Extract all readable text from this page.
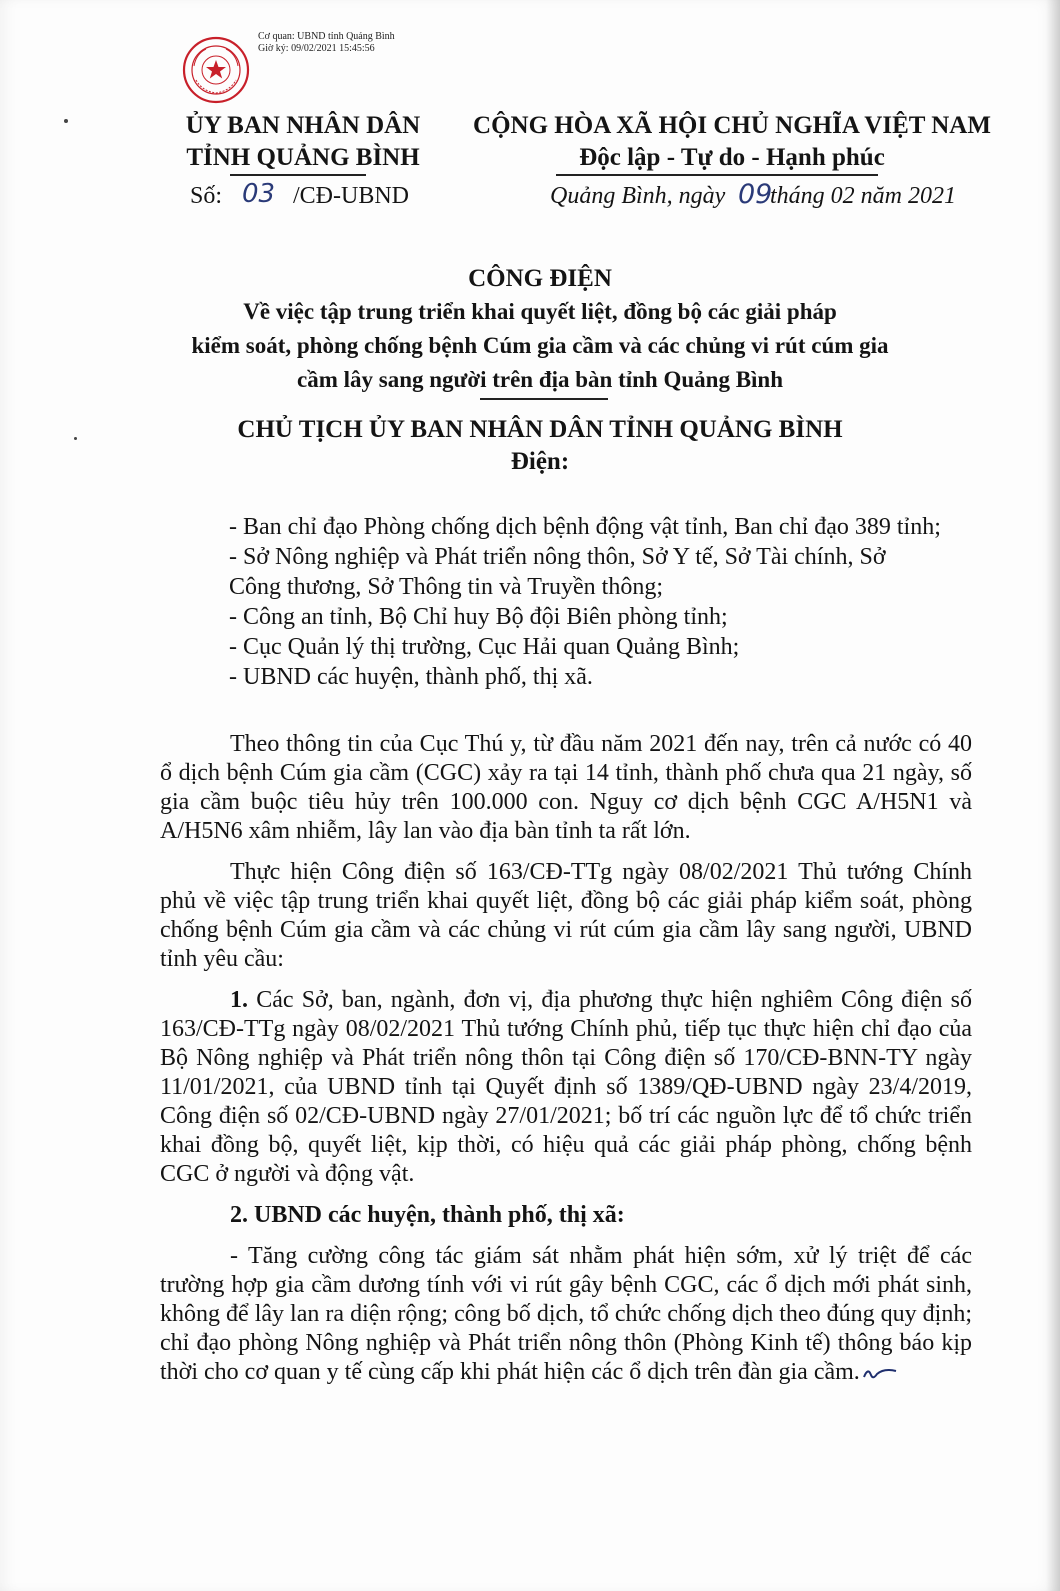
Cơ quan: UBND tỉnh Quảng Bình
Giờ ký: 09/02/2021 15:45:56
ỦY BAN NHÂN DÂN
TỈNH QUẢNG BÌNH
CỘNG HÒA XÃ HỘI CHỦ NGHĨA VIỆT NAM
Độc lập - Tự do - Hạnh phúc
Số: 03 /CĐ-UBND	Quảng Bình, ngày 09
tháng 02 năm 2021
CÔNG ĐIỆN
Về việc tập trung triển khai quyết liệt, đồng bộ các giải pháp
kiểm soát, phòng chống bệnh Cúm gia cầm và các chủng vi rút cúm gia
cầm lây sang người trên địa bàn tỉnh Quảng Bình
CHỦ TỊCH ỦY BAN NHÂN DÂN TỈNH QUẢNG BÌNH
Điện:
- Ban chỉ đạo Phòng chống dịch bệnh động vật tỉnh, Ban chỉ đạo 389 tỉnh;
- Sở Nông nghiệp và Phát triển nông thôn, Sở Y tế, Sở Tài chính, Sở
Công thương, Sở Thông tin và Truyền thông;
- Công an tỉnh, Bộ Chỉ huy Bộ đội Biên phòng tỉnh;
- Cục Quản lý thị trường, Cục Hải quan Quảng Bình;
- UBND các huyện, thành phố, thị xã.

Theo thông tin của Cục Thú y, từ đầu năm 2021 đến nay, trên cả nước có 40 ổ dịch bệnh Cúm gia cầm (CGC) xảy ra tại 14 tỉnh, thành phố chưa qua 21 ngày, số gia cầm buộc tiêu hủy trên 100.000 con. Nguy cơ dịch bệnh CGC A/H5N1 và A/H5N6 xâm nhiễm, lây lan vào địa bàn tỉnh ta rất lớn.

Thực hiện Công điện số 163/CĐ-TTg ngày 08/02/2021 Thủ tướng Chính phủ về việc tập trung triển khai quyết liệt, đồng bộ các giải pháp kiểm soát, phòng chống bệnh Cúm gia cầm và các chủng vi rút cúm gia cầm lây sang người, UBND tỉnh yêu cầu:

1. Các Sở, ban, ngành, đơn vị, địa phương thực hiện nghiêm Công điện số 163/CĐ-TTg ngày 08/02/2021 Thủ tướng Chính phủ, tiếp tục thực hiện chỉ đạo của Bộ Nông nghiệp và Phát triển nông thôn tại Công điện số 170/CĐ-BNN-TY ngày 11/01/2021, của UBND tỉnh tại Quyết định số 1389/QĐ-UBND ngày 23/4/2019, Công điện số 02/CĐ-UBND ngày 27/01/2021; bố trí các nguồn lực để tổ chức triển khai đồng bộ, quyết liệt, kịp thời, có hiệu quả các giải pháp phòng, chống bệnh CGC ở người và động vật.

2. UBND các huyện, thành phố, thị xã:

- Tăng cường công tác giám sát nhằm phát hiện sớm, xử lý triệt để các trường hợp gia cầm dương tính với vi rút gây bệnh CGC, các ổ dịch mới phát sinh, không để lây lan ra diện rộng; công bố dịch, tổ chức chống dịch theo đúng quy định; chỉ đạo phòng Nông nghiệp và Phát triển nông thôn (Phòng Kinh tế) thông báo kịp thời cho cơ quan y tế cùng cấp khi phát hiện các ổ dịch trên đàn gia cầm.
